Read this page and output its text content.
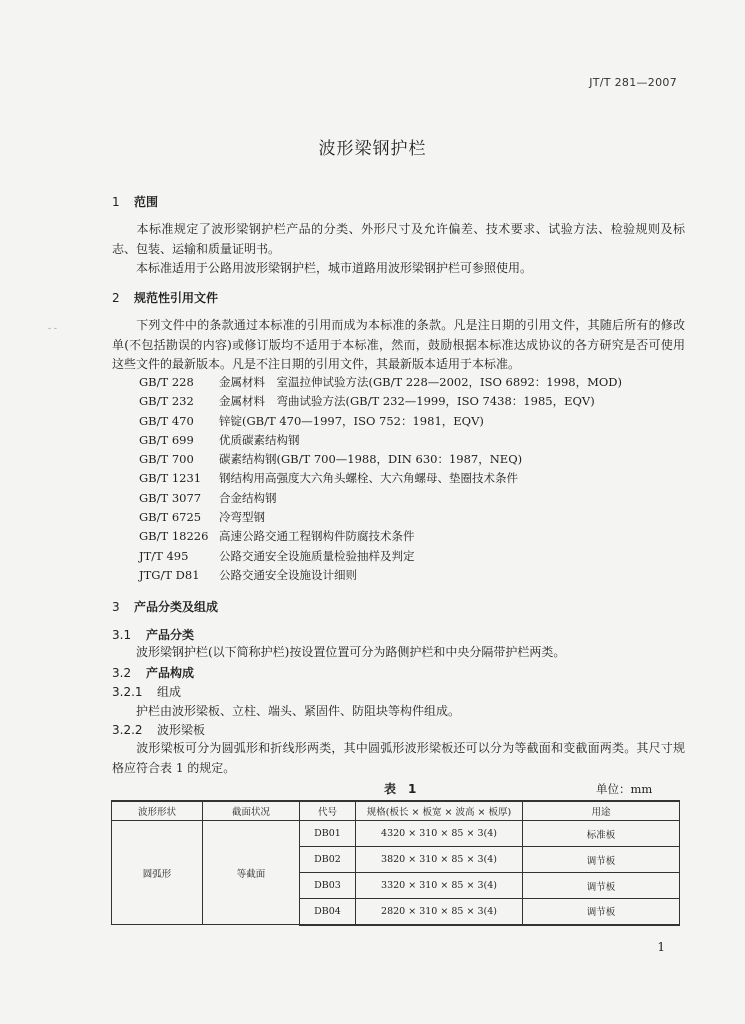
JT/T 281—2007
波形梁钢护栏
1 范围
本标准规定了波形梁钢护栏产品的分类、外形尺寸及允许偏差、技术要求、试验方法、检验规则及标志、包装、运输和质量证明书。
本标准适用于公路用波形梁钢护栏，城市道路用波形梁钢护栏可参照使用。
2 规范性引用文件
下列文件中的条款通过本标准的引用而成为本标准的条款。凡是注日期的引用文件，其随后所有的修改单(不包括勘误的内容)或修订版均不适用于本标准，然而，鼓励根据本标准达成协议的各方研究是否可使用这些文件的最新版本。凡是不注日期的引用文件，其最新版本适用于本标准。
GB/T 228 金属材料　室温拉伸试验方法(GB/T 228—2002，ISO 6892：1998，MOD)
GB/T 232 金属材料　弯曲试验方法(GB/T 232—1999，ISO 7438：1985，EQV)
GB/T 470 锌锭(GB/T 470—1997，ISO 752：1981，EQV)
GB/T 699 优质碳素结构钢
GB/T 700 碳素结构钢(GB/T 700—1988，DIN 630：1987，NEQ)
GB/T 1231 钢结构用高强度大六角头螺栓、大六角螺母、垫圈技术条件
GB/T 3077 合金结构钢
GB/T 6725 冷弯型钢
GB/T 18226 高速公路交通工程钢构件防腐技术条件
JT/T 495	公路交通安全设施质量检验抽样及判定
JTG/T D81 公路交通安全设施设计细则
3 产品分类及组成
3.1 产品分类
波形梁钢护栏(以下简称护栏)按设置位置可分为路侧护栏和中央分隔带护栏两类。
3.2 产品构成
3.2.1 组成
护栏由波形梁板、立柱、端头、紧固件、防阻块等构件组成。
3.2.2 波形梁板
波形梁板可分为圆弧形和折线形两类，其中圆弧形波形梁板还可以分为等截面和变截面两类。其尺寸规格应符合表 1 的规定。
表　1	单位：mm
波形形状	截面状况	代号	规格(板长 × 板宽 × 波高 × 板厚)	用途
圆弧形	等截面	DB01	4320 × 310 × 85 × 3(4)	标准板
		DB02	3820 × 310 × 85 × 3(4)	调节板
		DB03	3320 × 310 × 85 × 3(4)	调节板
		DB04	2820 × 310 × 85 × 3(4)	调节板
1
- -
